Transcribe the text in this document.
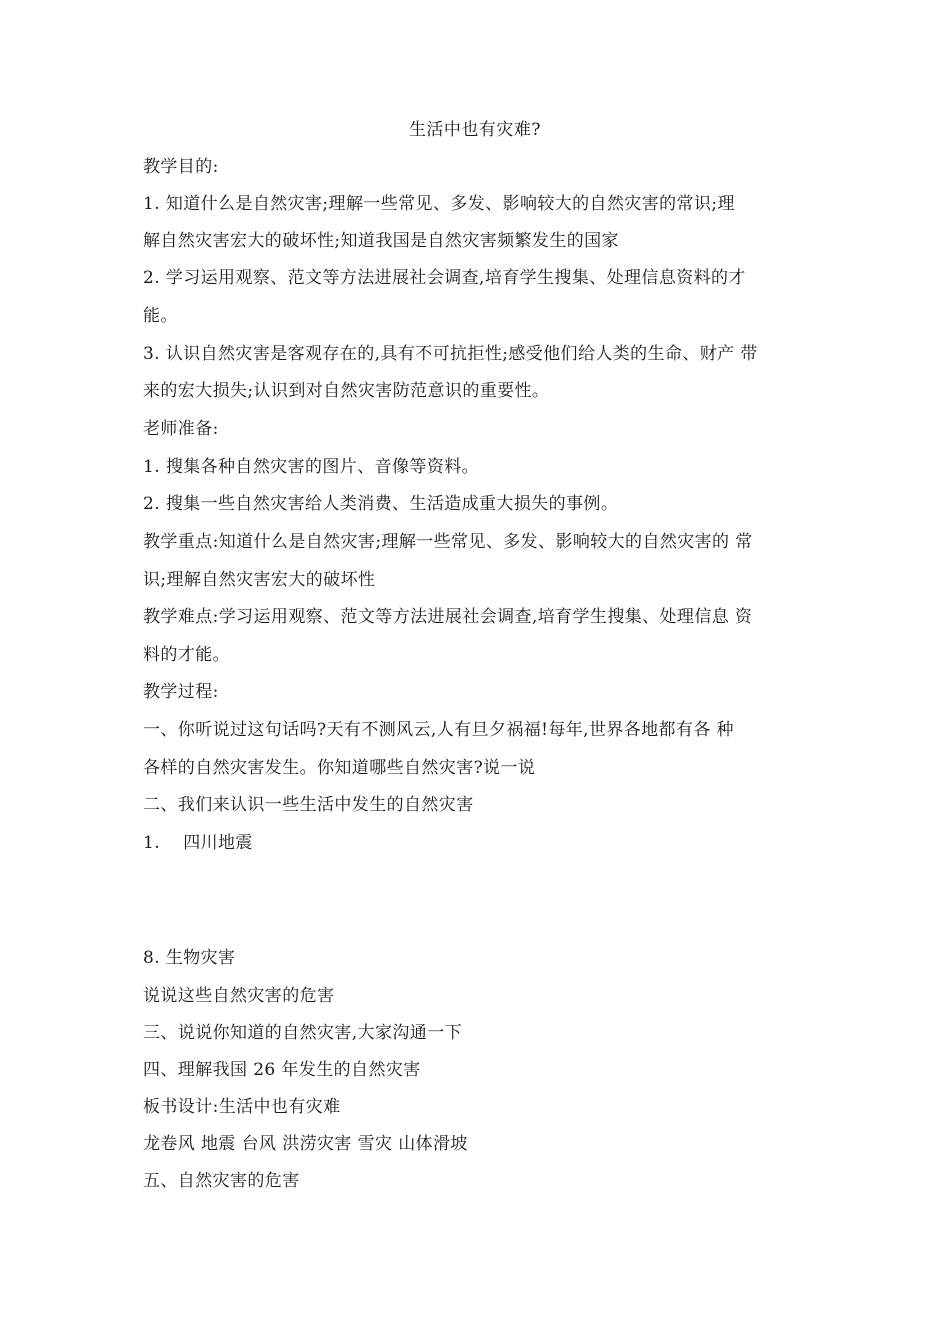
生活中也有灾难?
教学目的:
1. 知道什么是自然灾害;理解一些常见、多发、影响较大的自然灾害的常识;理
解自然灾害宏大的破坏性;知道我国是自然灾害频繁发生的国家
2. 学习运用观察、范文等方法进展社会调查,培育学生搜集、处理信息资料的才
能。
3. 认识自然灾害是客观存在的,具有不可抗拒性;感受他们给人类的生命、财产 带
来的宏大损失;认识到对自然灾害防范意识的重要性。
老师准备:
1. 搜集各种自然灾害的图片、音像等资料。
2. 搜集一些自然灾害给人类消费、生活造成重大损失的事例。
教学重点:知道什么是自然灾害;理解一些常见、多发、影响较大的自然灾害的 常
识;理解自然灾害宏大的破坏性
教学难点:学习运用观察、范文等方法进展社会调查,培育学生搜集、处理信息 资
料的才能。
教学过程:
一、你听说过这句话吗?天有不测风云,人有旦夕祸福!每年,世界各地都有各 种
各样的自然灾害发生。你知道哪些自然灾害?说一说
二、我们来认识一些生活中发生的自然灾害
1.    四川地震
8. 生物灾害
说说这些自然灾害的危害
三、说说你知道的自然灾害,大家沟通一下
四、理解我国 26 年发生的自然灾害
板书设计:生活中也有灾难
龙卷风 地震 台风 洪涝灾害 雪灾 山体滑坡
五、自然灾害的危害
